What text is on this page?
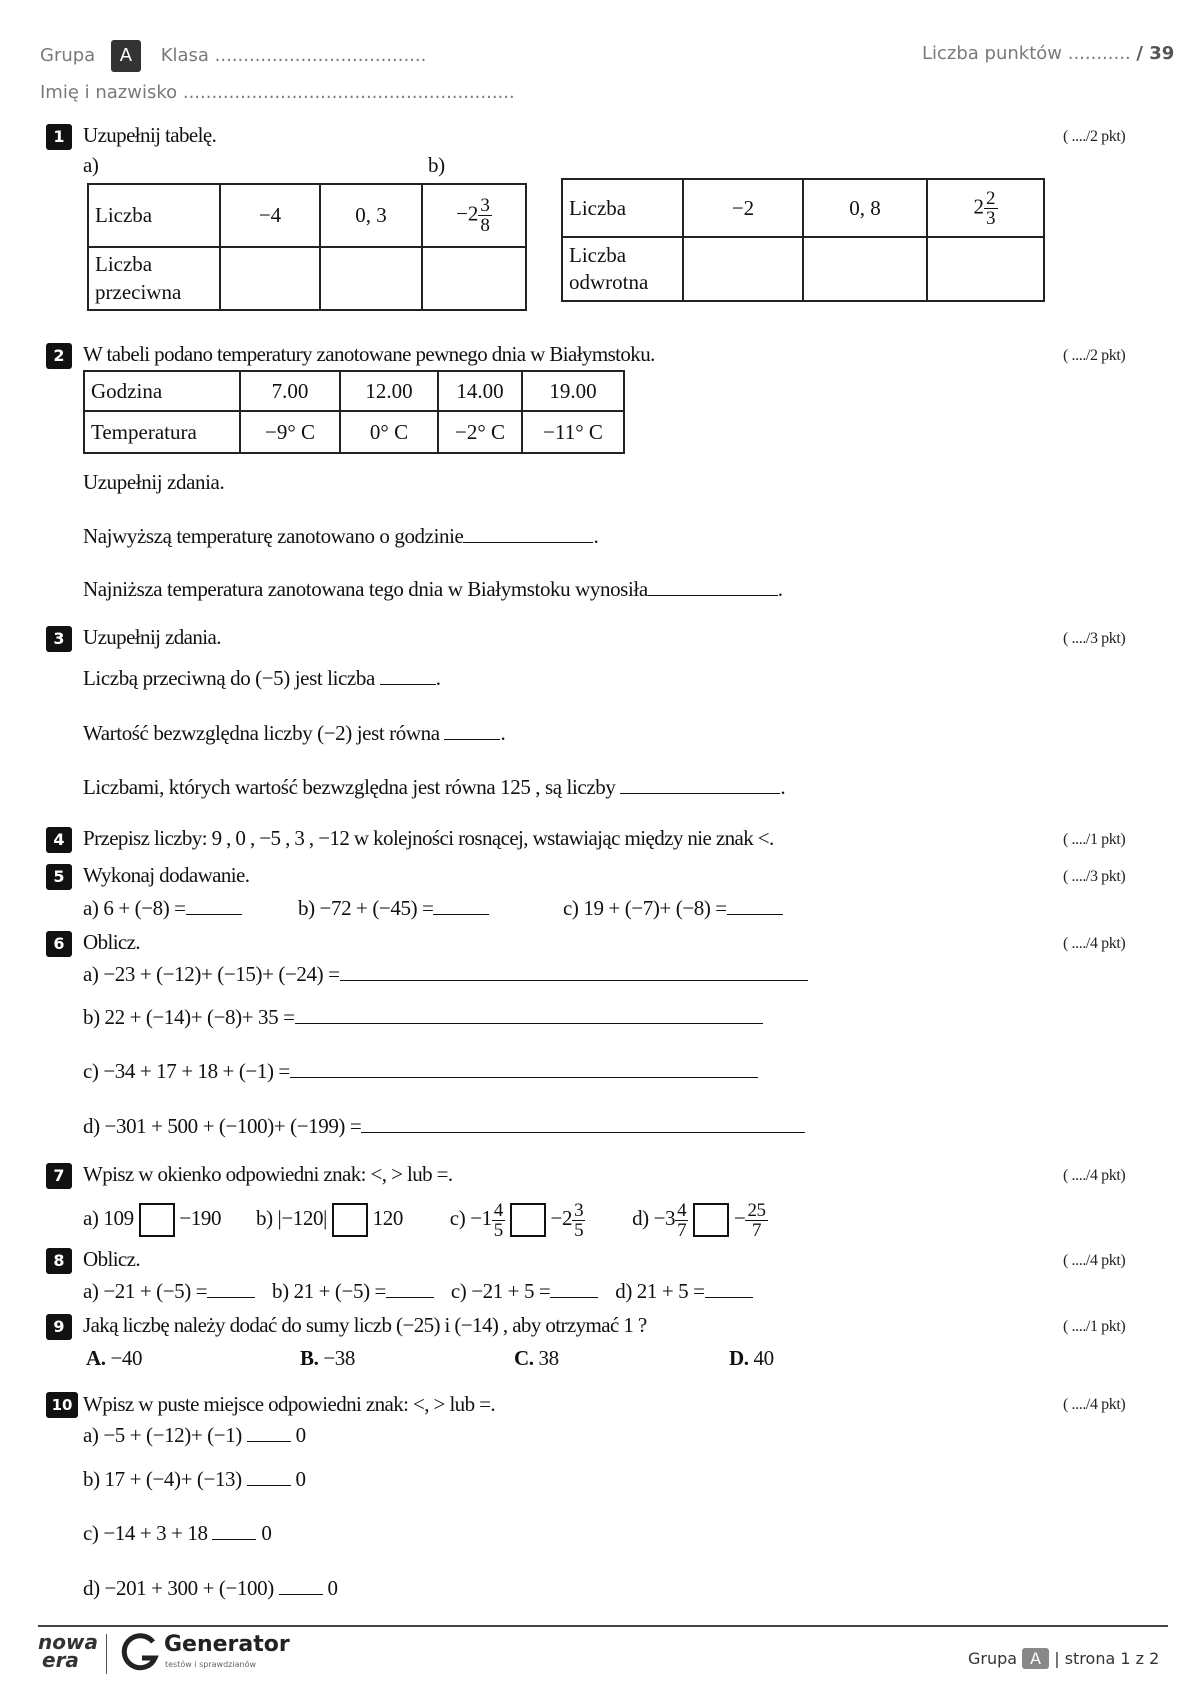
Grupa A Klasa .....................................	Liczba punktów ........... / 39
Imię i nazwisko ..........................................................
1 Uzupełnij tabelę.	( ..../2 pkt)
a)	b)
Liczba	−4	0, 3	$-2 \frac{3}{8}$

Liczba przeciwna			
Liczba	−2	0, 8	$2 \frac{2}{3}$

Liczba odwrotna			
2 W tabeli podano temperatury zanotowane pewnego dnia w Białymstoku.	( ..../2 pkt)
Godzina	7.00	12.00	14.00	19.00
Temperatura	−9° C	0° C	−2° C	−11° C
Uzupełnij zdania.
Najwyższą temperaturę zanotowano o godzinie	.
Najniższa temperatura zanotowana tego dnia w Białymstoku wynosiła	.
3 Uzupełnij zdania.	( ..../3 pkt)
Liczbą przeciwną do (−5) jest liczba	.
Wartość bezwzględna liczby (−2) jest równa	.
Liczbami, których wartość bezwzględna jest równa 125 , są liczby	.
4 Przepisz liczby: 9 , 0 , −5 , 3 , −12 w kolejności rosnącej, wstawiając między nie znak <.	( ..../1 pkt)
5 Wykonaj dodawanie.	( ..../3 pkt)
a) 6 + (−8) =	b) −72 + (−45) =	c) 19 + (−7)+ (−8) =
6 Oblicz.	( ..../4 pkt)
a) −23 + (−12)+ (−15)+ (−24) =
b) 22 + (−14)+ (−8)+ 35 =
c) −34 + 17 + 18 + (−1) =
d) −301 + 500 + (−100)+ (−199) =
7 Wpisz w okienko odpowiedni znak: <, > lub =.	( ..../4 pkt)
a) 109 −190 b) |−120| 120 $c) -1 \frac{4}{5} -2 \frac{3}{5} d) -3 \frac{4}{7} - \frac{25}{7}$
8 Oblicz.	( ..../4 pkt)
a) −21 + (−5) =	b) 21 + (−5) =	c) −21 + 5 =	d) 21 + 5 =
9 Jaką liczbę należy dodać do sumy liczb (−25) i (−14) , aby otrzymać 1 ?	( ..../1 pkt)
A. −40	B. −38	C. 38	D. 40
10 Wpisz w puste miejsce odpowiedni znak: <, > lub =.	( ..../4 pkt)
a) −5 + (−12)+ (−1)	0
b) 17 + (−4)+ (−13)	0
c) −14 + 3 + 18	0
d) −201 + 300 + (−100)	0
nowa
era
Generator
testów i sprawdzianów	Grupa A | strona 1 z 2
